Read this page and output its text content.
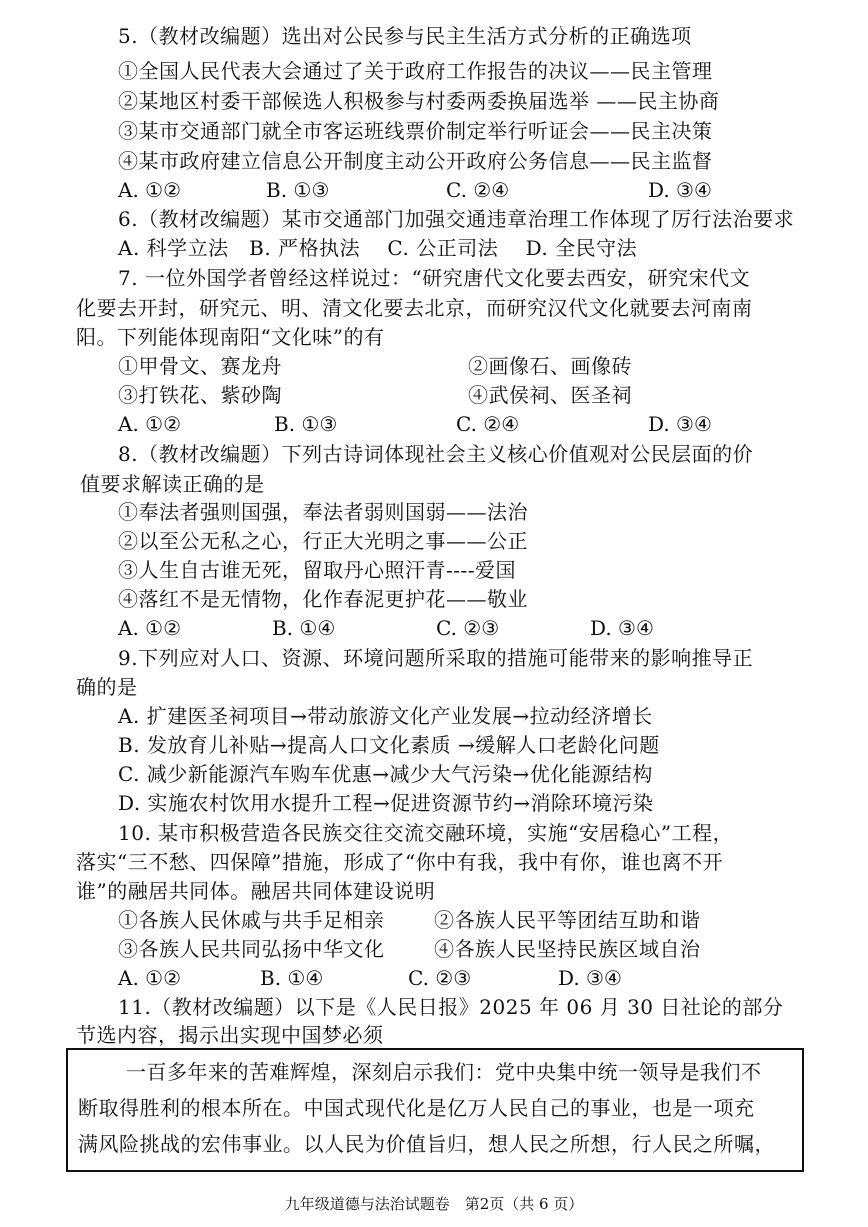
5.（教材改编题）选出对公民参与民主生活方式分析的正确选项
①全国人民代表大会通过了关于政府工作报告的决议——民主管理
②某地区村委干部候选人积极参与村委两委换届选举 ——民主协商
③某市交通部门就全市客运班线票价制定举行听证会——民主决策
④某市政府建立信息公开制度主动公开政府公务信息——民主监督
A. ①②	B. ①③	C. ②④	D. ③④
6.（教材改编题）某市交通部门加强交通违章治理工作体现了厉行法治要求
A. 科学立法　B. 严格执法　 C. 公正司法　 D. 全民守法
7. 一位外国学者曾经这样说过：“研究唐代文化要去西安，研究宋代文
化要去开封，研究元、明、清文化要去北京，而研究汉代文化就要去河南南
阳。下列能体现南阳“文化味”的有
①甲骨文、赛龙舟	②画像石、画像砖
③打铁花、紫砂陶	④武侯祠、医圣祠
A. ①②	B. ①③	C. ②④	D. ③④
8.（教材改编题）下列古诗词体现社会主义核心价值观对公民层面的价
值要求解读正确的是
①奉法者强则国强，奉法者弱则国弱——法治
②以至公无私之心，行正大光明之事——公正
③人生自古谁无死，留取丹心照汗青----爱国
④落红不是无情物，化作春泥更护花——敬业
A. ①②	B. ①④	C. ②③	D. ③④
9.下列应对人口、资源、环境问题所采取的措施可能带来的影响推导正
确的是
A. 扩建医圣祠项目→带动旅游文化产业发展→拉动经济增长
B. 发放育儿补贴→提高人口文化素质 →缓解人口老龄化问题
C. 减少新能源汽车购车优惠→减少大气污染→优化能源结构
D. 实施农村饮用水提升工程→促进资源节约→消除环境污染
10. 某市积极营造各民族交往交流交融环境，实施“安居稳心”工程，
落实“三不愁、四保障”措施，形成了“你中有我，我中有你，谁也离不开
谁”的融居共同体。融居共同体建设说明
①各族人民休戚与共手足相亲 ②各族人民平等团结互助和谐
③各族人民共同弘扬中华文化 ④各族人民坚持民族区域自治
A. ①②	B. ①④	C. ②③	D. ③④
11.（教材改编题）以下是《人民日报》2025 年 06 月 30 日社论的部分
节选内容，揭示出实现中国梦必须
一百多年来的苦难辉煌，深刻启示我们：党中央集中统一领导是我们不
断取得胜利的根本所在。中国式现代化是亿万人民自己的事业，也是一项充
满风险挑战的宏伟事业。以人民为价值旨归，想人民之所想，行人民之所嘱，
九年级道德与法治试题卷　第2页（共 6 页）
